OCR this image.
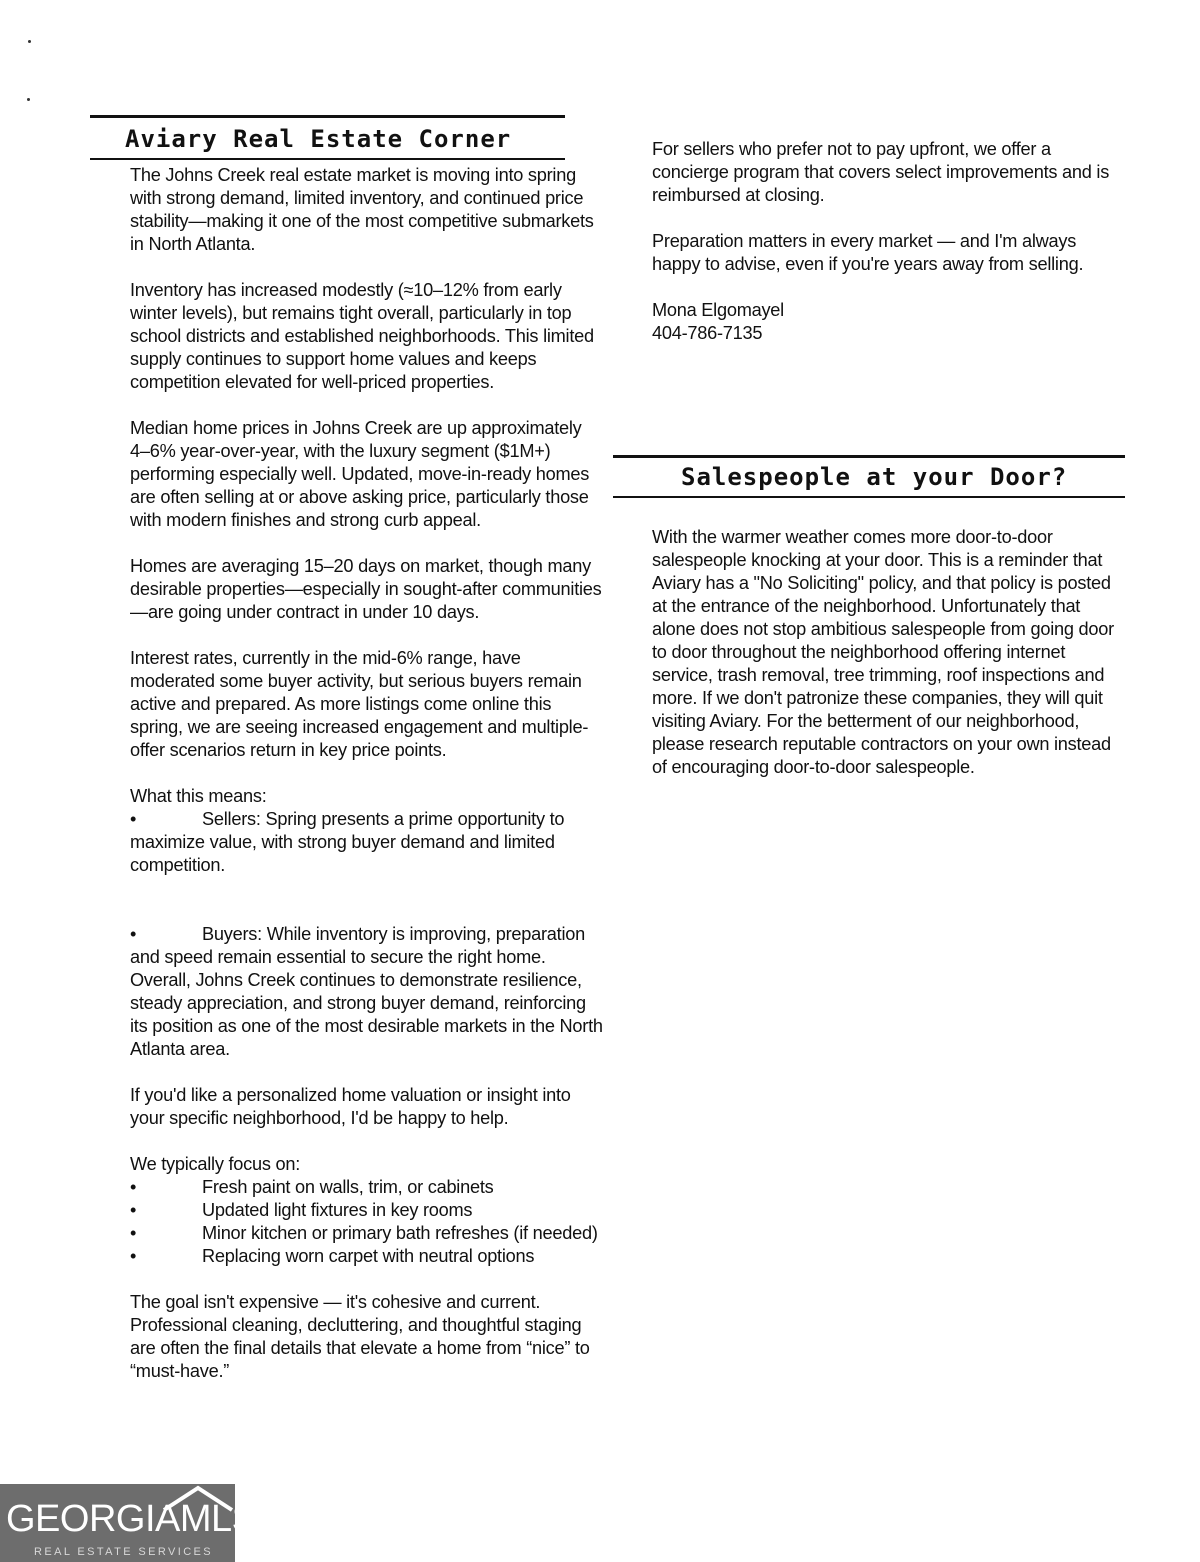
Aviary Real Estate Corner

The Johns Creek real estate market is moving into spring with strong demand, limited inventory, and continued price stability—making it one of the most competitive submarkets in North Atlanta.

Inventory has increased modestly (≈10–12% from early winter levels), but remains tight overall, particularly in top school districts and established neighborhoods. This limited supply continues to support home values and keeps competition elevated for well-priced properties.

Median home prices in Johns Creek are up approximately 4–6% year-over-year, with the luxury segment ($1M+) performing especially well. Updated, move-in-ready homes are often selling at or above asking price, particularly those with modern finishes and strong curb appeal.

Homes are averaging 15–20 days on market, though many desirable properties—especially in sought-after communities—are going under contract in under 10 days.

Interest rates, currently in the mid-6% range, have moderated some buyer activity, but serious buyers remain active and prepared. As more listings come online this spring, we are seeing increased engagement and multiple-offer scenarios return in key price points.

What this means:

•	Sellers: Spring presents a prime opportunity to maximize value, with strong buyer demand and limited competition.
•	Buyers: While inventory is improving, preparation and speed remain essential to secure the right home.

Overall, Johns Creek continues to demonstrate resilience, steady appreciation, and strong buyer demand, reinforcing its position as one of the most desirable markets in the North Atlanta area.

If you'd like a personalized home valuation or insight into your specific neighborhood, I'd be happy to help.

We typically focus on:

•	Fresh paint on walls, trim, or cabinets
•	Updated light fixtures in key rooms
•	Minor kitchen or primary bath refreshes (if needed)
•	Replacing worn carpet with neutral options

The goal isn't expensive — it's cohesive and current. Professional cleaning, decluttering, and thoughtful staging are often the final details that elevate a home from “nice” to “must-have.”

For sellers who prefer not to pay upfront, we offer a concierge program that covers select improvements and is reimbursed at closing.

Preparation matters in every market — and I'm always happy to advise, even if you're years away from selling.

Mona Elgomayel

404-786-7135

Salespeople at your Door?

With the warmer weather comes more door-to-door salespeople knocking at your door. This is a reminder that Aviary has a "No Soliciting" policy, and that policy is posted at the entrance of the neighborhood. Unfortunately that alone does not stop ambitious salespeople from going door to door throughout the neighborhood offering internet service, trash removal, tree trimming, roof inspections and more. If we don't patronize these companies, they will quit visiting Aviary. For the betterment of our neighborhood, please research reputable contractors on your own instead of encouraging door-to-door salespeople.

GEORGIAMLS
REAL ESTATE SERVICES
